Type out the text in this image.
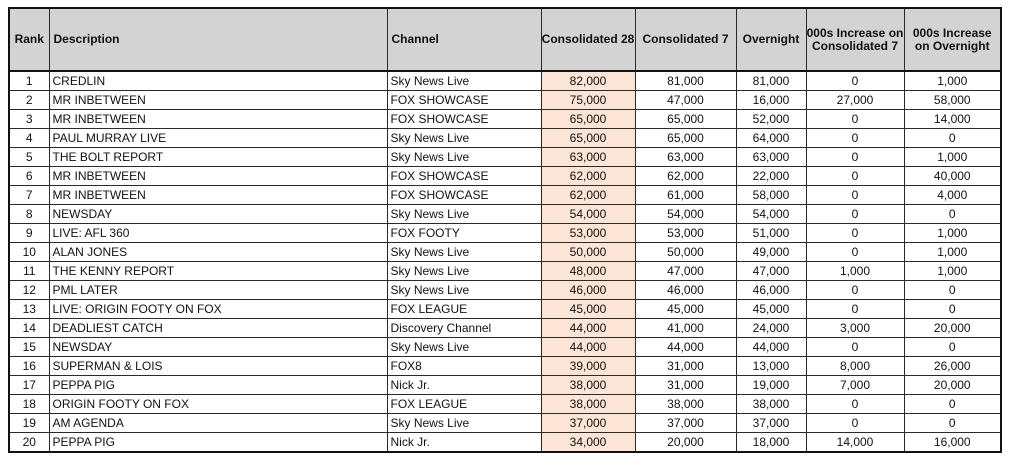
Rank	Description	Channel	Consolidated 28	Consolidated 7	Overnight	000s Increase on Consolidated 7	000s Increase on Overnight
1	CREDLIN	Sky News Live	82,000	81,000	81,000	0	1,000
2	MR INBETWEEN	FOX SHOWCASE	75,000	47,000	16,000	27,000	58,000
3	MR INBETWEEN	FOX SHOWCASE	65,000	65,000	52,000	0	14,000
4	PAUL MURRAY LIVE	Sky News Live	65,000	65,000	64,000	0	0
5	THE BOLT REPORT	Sky News Live	63,000	63,000	63,000	0	1,000
6	MR INBETWEEN	FOX SHOWCASE	62,000	62,000	22,000	0	40,000
7	MR INBETWEEN	FOX SHOWCASE	62,000	61,000	58,000	0	4,000
8	NEWSDAY	Sky News Live	54,000	54,000	54,000	0	0
9	LIVE: AFL 360	FOX FOOTY	53,000	53,000	51,000	0	1,000
10	ALAN JONES	Sky News Live	50,000	50,000	49,000	0	1,000
11	THE KENNY REPORT	Sky News Live	48,000	47,000	47,000	1,000	1,000
12	PML LATER	Sky News Live	46,000	46,000	46,000	0	0
13	LIVE: ORIGIN FOOTY ON FOX	FOX LEAGUE	45,000	45,000	45,000	0	0
14	DEADLIEST CATCH	Discovery Channel	44,000	41,000	24,000	3,000	20,000
15	NEWSDAY	Sky News Live	44,000	44,000	44,000	0	0
16	SUPERMAN & LOIS	FOX8	39,000	31,000	13,000	8,000	26,000
17	PEPPA PIG	Nick Jr.	38,000	31,000	19,000	7,000	20,000
18	ORIGIN FOOTY ON FOX	FOX LEAGUE	38,000	38,000	38,000	0	0
19	AM AGENDA	Sky News Live	37,000	37,000	37,000	0	0
20	PEPPA PIG	Nick Jr.	34,000	20,000	18,000	14,000	16,000
